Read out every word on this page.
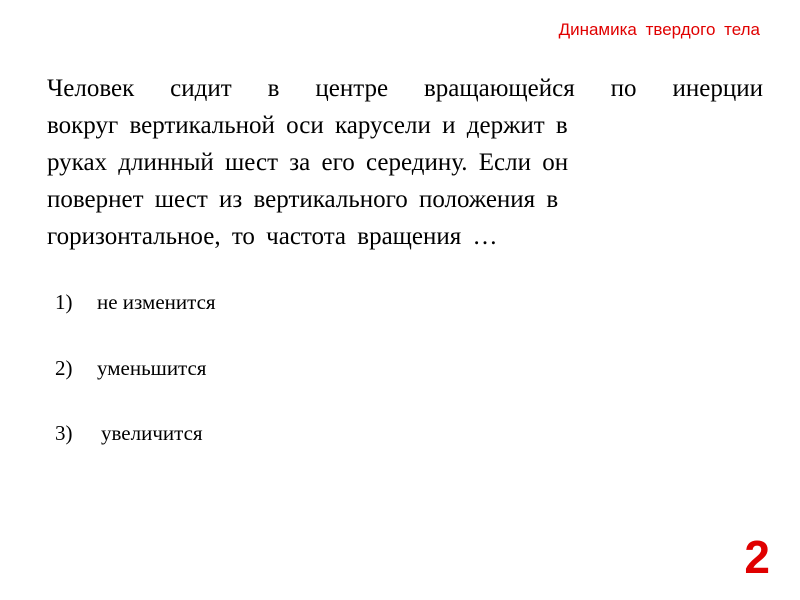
Динамика твердого тела
Человек сидит в центре вращающейся по инерции
вокруг вертикальной оси карусели и держит в
руках длинный шест за его середину. Если он
повернет шест из вертикального положения в
горизонтальное, то частота вращения …
1) не изменится
2) уменьшится
3) увеличится
2
